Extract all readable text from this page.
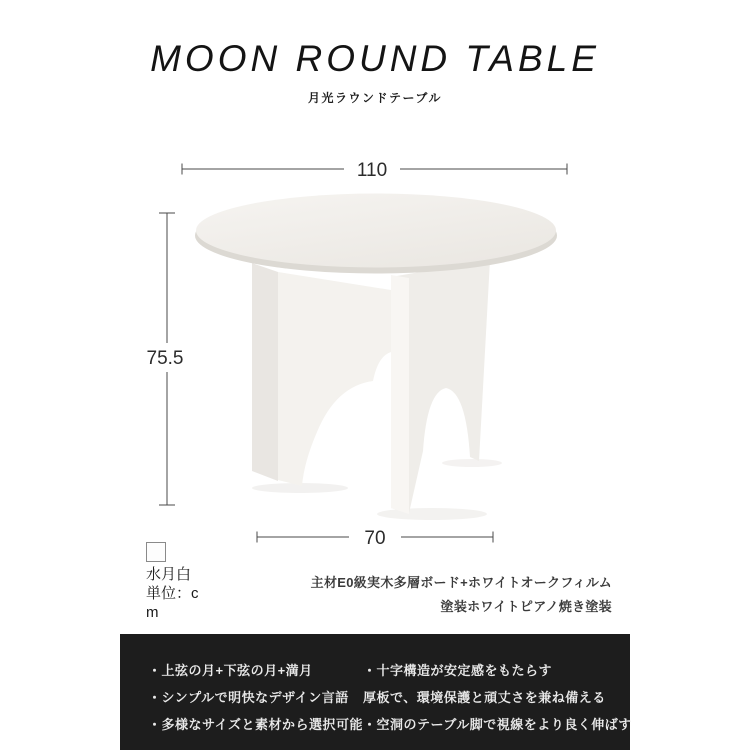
MOON ROUND TABLE
月光ラウンドテーブル
110
75.5
70
水月白
単位：cm
主材E0級実木多層ボード+ホワイトオークフィルム
塗装ホワイトピアノ焼き塗装
・上弦の月+下弦の月+満月
・シンプルで明快なデザイン言語
・多様なサイズと素材から選択可能
・十字構造が安定感をもたらす
厚板で、環境保護と頑丈さを兼ね備える
・空洞のテーブル脚で視線をより良く伸ばす
